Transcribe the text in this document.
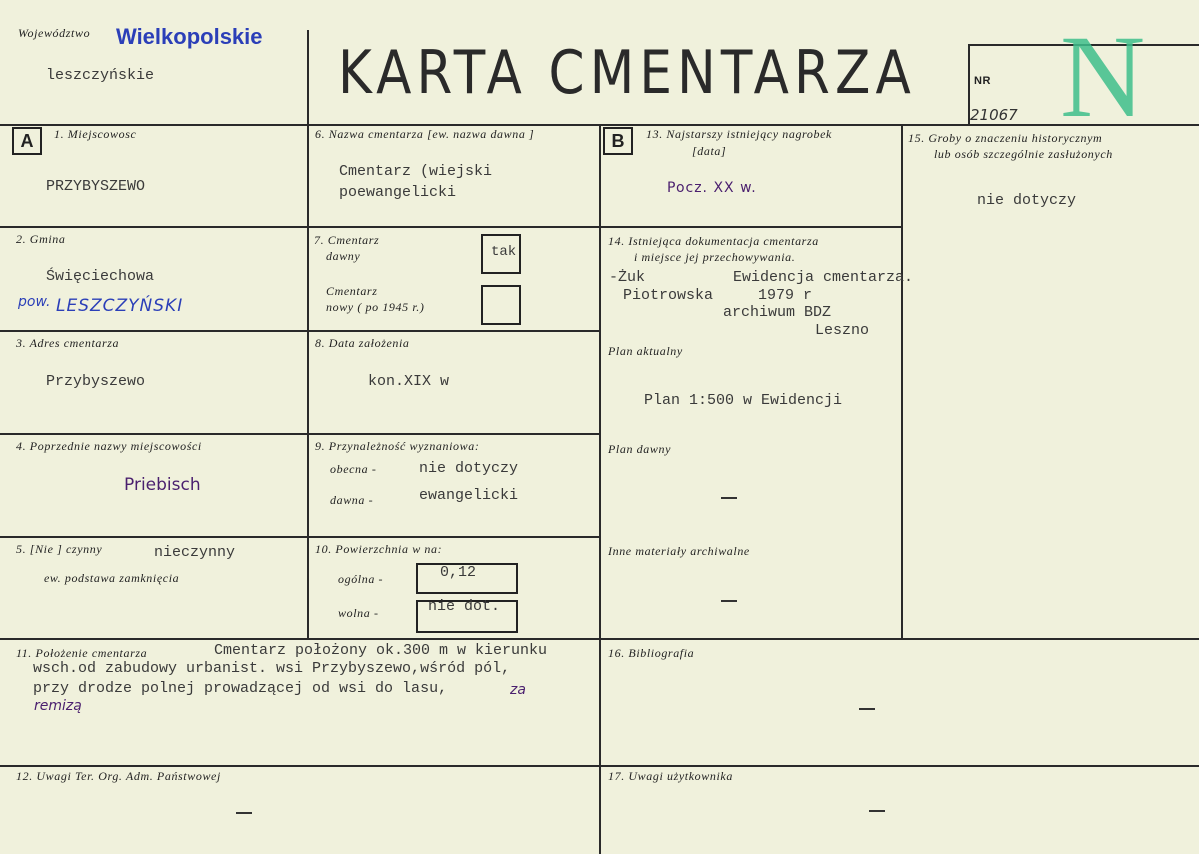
Województwo Wielkopolskie
leszczyńskie	KARTA CMENTARZA	NR
21067 N
A	1. Miejscowosc
PRZYBYSZEWO
2. Gmina
Święciechowa
pow. LESZCZYŃSKI
3. Adres cmentarza
Przybyszewo
4. Poprzednie nazwy miejscowości
Priebisch
5. [Nie ] czynny	nieczynny
ew. podstawa zamknięcia
6. Nazwa cmentarza [ew. nazwa dawna ]
Cmentarz (wiejski
poewangelicki
7. Cmentarz
dawny	tak
Cmentarz
nowy ( po 1945 r.)
8. Data założenia
kon.XIX w
9. Przynależność wyznaniowa:
obecna -	nie dotyczy
dawna -	ewangelicki
10. Powierzchnia w na:
ogólna -	0,12
wolna -	nie dot.
B	13. Najstarszy istniejący nagrobek
[data]
Pocz. XX w.
14. Istniejąca dokumentacja cmentarza
i miejsce jej przechowywania.
-Żuk	Ewidencja cmentarza.
Piotrowska	1979 r
archiwum BDZ
Leszno
Plan aktualny
Plan 1:500 w Ewidencji
Plan dawny
Inne materiały archiwalne
15. Groby o znaczeniu historycznym
lub osób szczególnie zasłużonych
nie dotyczy
11. Położenie cmentarza	Cmentarz położony ok.300 m w kierunku
wsch.od zabudowy urbanist. wsi Przybyszewo,wśród pól,
przy drodze polnej prowadzącej od wsi do lasu,	za
remizą
16. Bibliografia
12. Uwagi Ter. Org. Adm. Państwowej	17. Uwagi użytkownika
